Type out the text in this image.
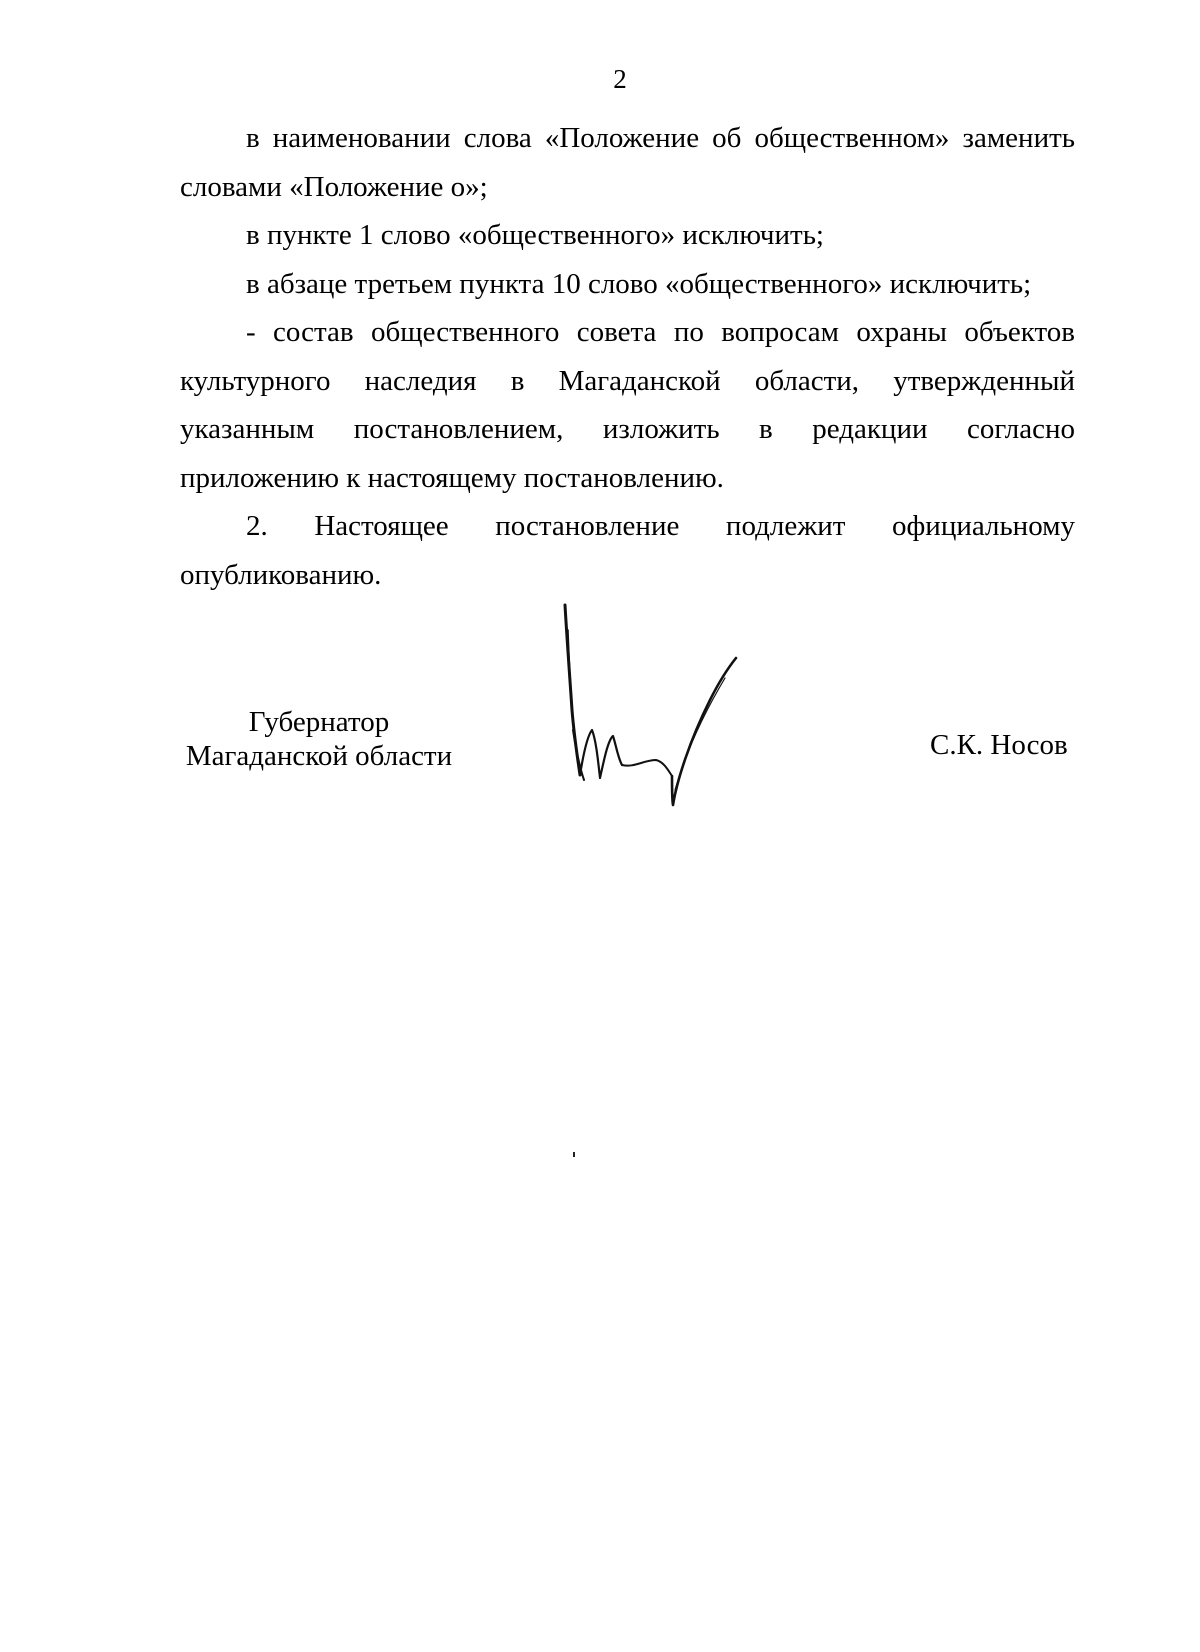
2

в наименовании слова «Положение об общественном» заменить словами «Положение о»;

в пункте 1 слово «общественного» исключить;

в абзаце третьем пункта 10 слово «общественного» исключить;

- состав общественного совета по вопросам охраны объектов культурного наследия в Магаданской области, утвержденный указанным постановлением, изложить в редакции согласно приложению к настоящему постановлению.

2. Настоящее постановление подлежит официальному опубликованию.

Губернатор
Магаданской области	С.К. Носов
